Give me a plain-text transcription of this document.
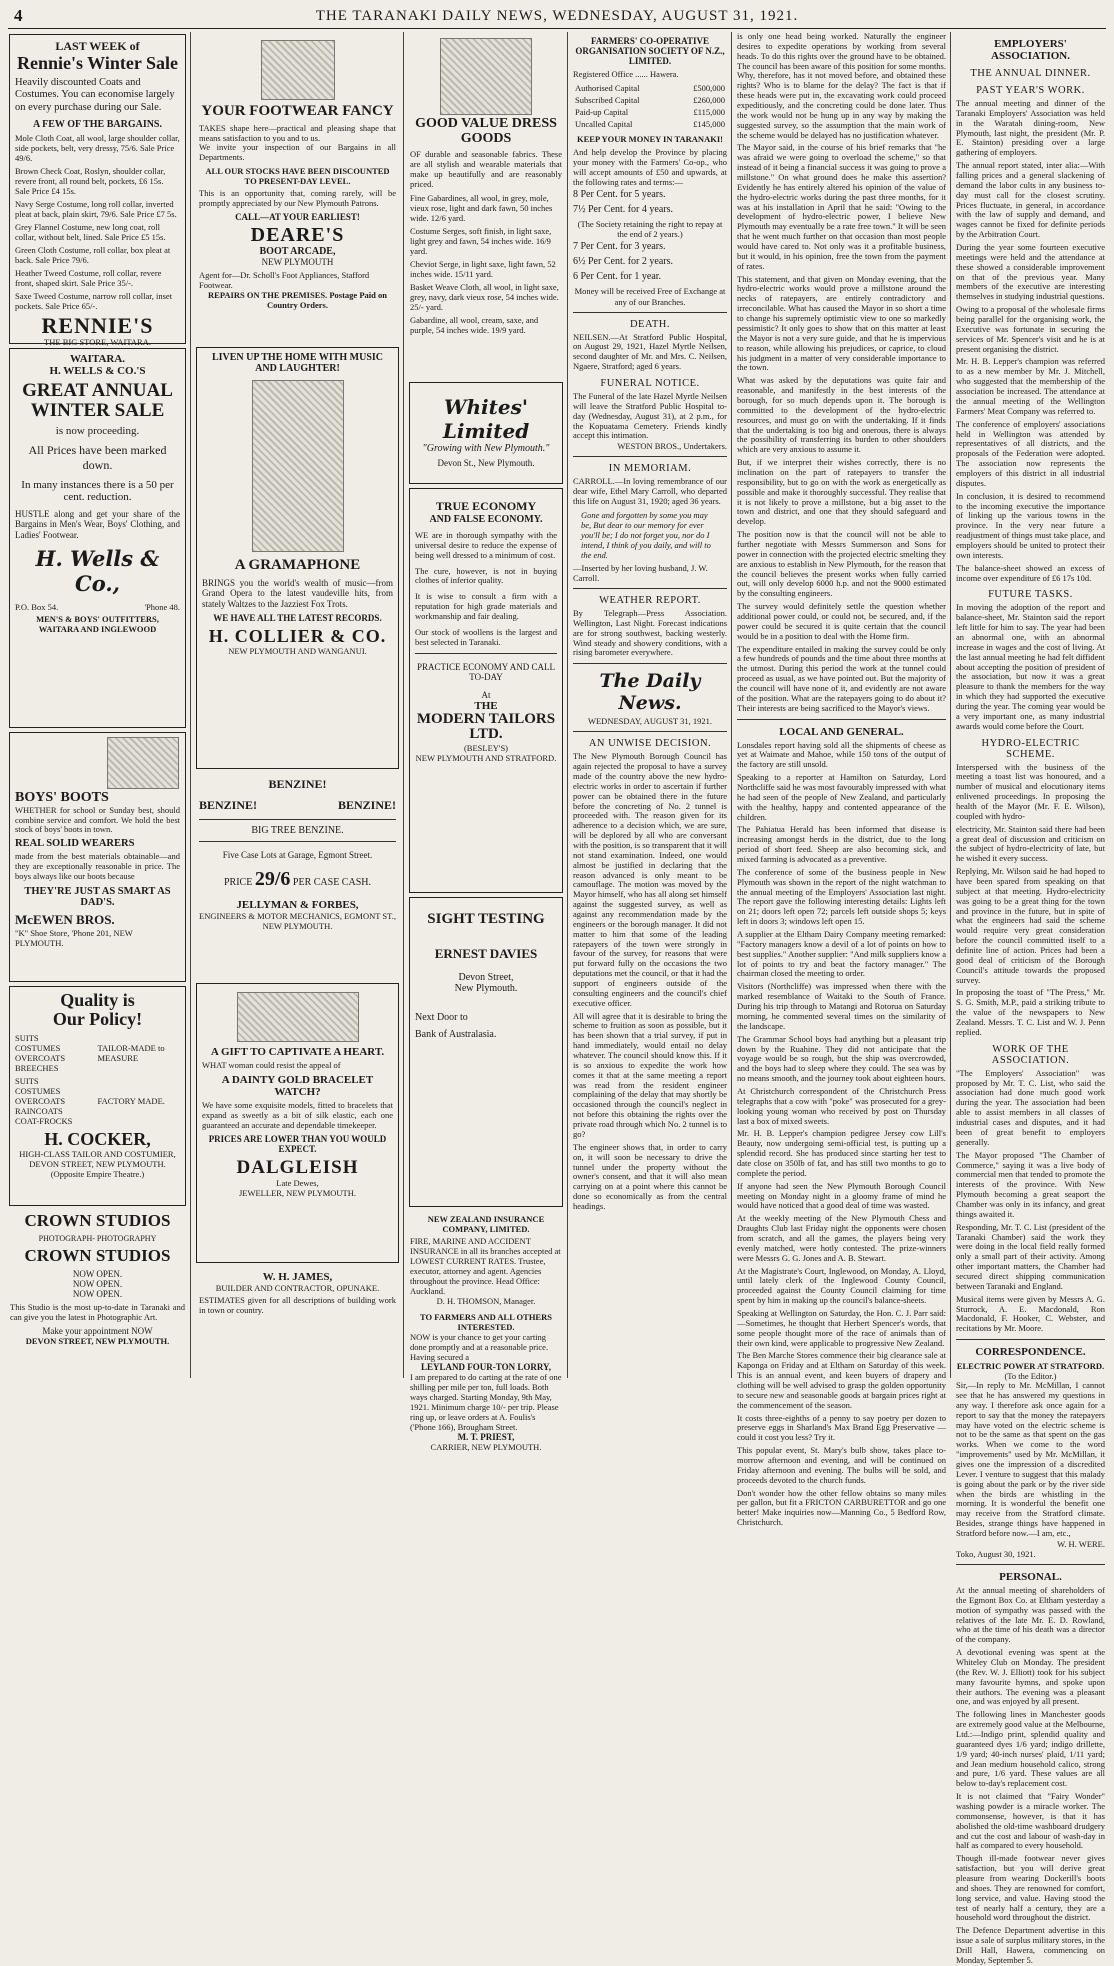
4	THE TARANAKI DAILY NEWS, WEDNESDAY, AUGUST 31, 1921.
LAST WEEK of
Rennie's Winter Sale
Heavily discounted Coats and Costumes. You can economise largely on every purchase during our Sale.
A FEW OF THE BARGAINS.

Mole Cloth Coat, all wool, large shoulder collar, side pockets, belt, very dressy, 75/6. Sale Price 49/6.

Brown Check Coat, Roslyn, shoulder collar, revere front, all round belt, pockets, £6 15s. Sale Price £4 15s.

Navy Serge Costume, long roll collar, inverted pleat at back, plain skirt, 79/6. Sale Price £7 5s.

Grey Flannel Costume, new long coat, roll collar, without belt, lined. Sale Price £5 15s.

Green Cloth Costume, roll collar, box pleat at back. Sale Price 79/6.

Heather Tweed Costume, roll collar, revere front, shaped skirt. Sale Price 35/-.

Saxe Tweed Costume, narrow roll collar, inset pockets. Sale Price 65/-.

RENNIE'S
THE BIG STORE, WAITARA.
WAITARA.
H. WELLS & CO.'S
GREAT ANNUAL WINTER SALE
is now proceeding.
All Prices have been marked down.
In many instances there is a 50 per cent. reduction.
HUSTLE along and get your share of the Bargains in Men's Wear, Boys' Clothing, and Ladies' Footwear.
H. Wells & Co.,
P.O. Box 54.	'Phone 48.
MEN'S & BOYS' OUTFITTERS, WAITARA AND INGLEWOOD
BOYS' BOOTS
WHETHER for school or Sunday best, should combine service and comfort. We hold the best stock of boys' boots in town.
REAL SOLID WEARERS
made from the best materials obtainable—and they are exceptionally reasonable in price. The boys always like our boots because
THEY'RE JUST AS SMART AS DAD'S.
McEWEN BROS.
"K" Shoe Store, 'Phone 201, NEW PLYMOUTH.
Quality is
Our Policy!
SUITS
COSTUMES
OVERCOATS
BREECHES
TAILOR-MADE to MEASURE
SUITS
COSTUMES
OVERCOATS
RAINCOATS
COAT-FROCKS
FACTORY MADE.
H. COCKER,
HIGH-CLASS TAILOR AND COSTUMIER,
DEVON STREET, NEW PLYMOUTH.
(Opposite Empire Theatre.)
CROWN STUDIOS
PHOTOGRAPH- PHOTOGRAPHY
CROWN STUDIOS
NOW OPEN.
NOW OPEN.
NOW OPEN.
This Studio is the most up-to-date in Taranaki and can give you the latest in Photographic Art.
Make your appointment NOW
DEVON STREET, NEW PLYMOUTH.
YOUR FOOTWEAR FANCY
TAKES shape here—practical and pleasing shape that means satisfaction to you and to us.
We invite your inspection of our Bargains in all Departments.
ALL OUR STOCKS HAVE BEEN DISCOUNTED TO PRESENT-DAY LEVEL.
This is an opportunity that, coming rarely, will be promptly appreciated by our New Plymouth Patrons.
CALL—AT YOUR EARLIEST!
DEARE'S
BOOT ARCADE,
NEW PLYMOUTH
Agent for—Dr. Scholl's Foot Appliances, Stafford Footwear.
REPAIRS ON THE PREMISES. Postage Paid on Country Orders.
LIVEN UP THE HOME WITH MUSIC AND LAUGHTER!
A GRAMAPHONE
BRINGS you the world's wealth of music—from Grand Opera to the latest vaudeville hits, from stately Waltzes to the Jazziest Fox Trots.
WE HAVE ALL THE LATEST RECORDS.
H. COLLIER & CO.
NEW PLYMOUTH AND WANGANUI.
BENZINE!
BENZINE!	BENZINE!
BIG TREE BENZINE.
Five Case Lots at Garage, Egmont Street.
PRICE 29/6 PER CASE CASH.
JELLYMAN & FORBES,
ENGINEERS & MOTOR MECHANICS, EGMONT ST., NEW PLYMOUTH.
A GIFT TO CAPTIVATE A HEART.
WHAT woman could resist the appeal of
A DAINTY GOLD BRACELET WATCH?
We have some exquisite models, fitted to bracelets that expand as sweetly as a bit of silk elastic, each one guaranteed an accurate and dependable timekeeper.
PRICES ARE LOWER THAN YOU WOULD EXPECT.
DALGLEISH
Late Dewes,
JEWELLER, NEW PLYMOUTH.
W. H. JAMES,
BUILDER AND CONTRACTOR, OPUNAKE.
ESTIMATES given for all descriptions of building work in town or country.
GOOD VALUE DRESS GOODS
OF durable and seasonable fabrics. These are all stylish and wearable materials that make up beautifully and are reasonably priced.

Fine Gabardines, all wool, in grey, mole, vieux rose, light and dark fawn, 50 inches wide. 12/6 yard.

Costume Serges, soft finish, in light saxe, light grey and fawn, 54 inches wide. 16/9 yard.

Cheviot Serge, in light saxe, light fawn, 52 inches wide. 15/11 yard.

Basket Weave Cloth, all wool, in light saxe, grey, navy, dark vieux rose, 54 inches wide. 25/- yard.

Gabardine, all wool, cream, saxe, and purple, 54 inches wide. 19/9 yard.

Whites' Limited
"Growing with New Plymouth."
Devon St., New Plymouth.
TRUE ECONOMY
AND FALSE ECONOMY.
WE are in thorough sympathy with the universal desire to reduce the expense of being well dressed to a minimum of cost.
The cure, however, is not in buying clothes of inferior quality.
It is wise to consult a firm with a reputation for high grade materials and workmanship and fair dealing.
Our stock of woollens is the largest and best selected in Taranaki.
PRACTICE ECONOMY AND CALL TO-DAY
At
THE
MODERN TAILORS LTD.
(BESLEY'S)
NEW PLYMOUTH AND STRATFORD.
SIGHT TESTING
ERNEST DAVIES
Devon Street,
New Plymouth.
Next Door to
Bank of Australasia.
NEW ZEALAND INSURANCE COMPANY, LIMITED.
FIRE, MARINE AND ACCIDENT INSURANCE in all its branches accepted at LOWEST CURRENT RATES. Trustee, executor, attorney and agent. Agencies throughout the province. Head Office: Auckland.
D. H. THOMSON, Manager.
TO FARMERS AND ALL OTHERS INTERESTED.
NOW is your chance to get your carting done promptly and at a reasonable price. Having secured a
LEYLAND FOUR-TON LORRY,
I am prepared to do carting at the rate of one shilling per mile per ton, full loads. Both ways charged. Starting Monday, 9th May, 1921. Minimum charge 10/- per trip. Please ring up, or leave orders at A. Foulis's ('Phone 166), Brougham Street.
M. T. PRIEST,
CARRIER, NEW PLYMOUTH.
FARMERS' CO-OPERATIVE ORGANISATION SOCIETY OF N.Z., LIMITED.
Registered Office ...... Hawera.
Authorised Capital	£500,000
Subscribed Capital	£260,000
Paid-up Capital	£115,000
Uncalled Capital	£145,000
KEEP YOUR MONEY IN TARANAKI!
And help develop the Province by placing your money with the Farmers' Co-op., who will accept amounts of £50 and upwards, at the following rates and terms:—
8 Per Cent. for 5 years.
7½ Per Cent. for 4 years.
(The Society retaining the right to repay at the end of 2 years.)
7 Per Cent. for 3 years.
6½ Per Cent. for 2 years.
6 Per Cent. for 1 year.
Money will be received Free of Exchange at any of our Branches.
DEATH.
NEILSEN.—At Stratford Public Hospital, on August 29, 1921, Hazel Myrtle Neilsen, second daughter of Mr. and Mrs. C. Neilsen, Ngaere, Stratford; aged 6 years.
FUNERAL NOTICE.
The Funeral of the late Hazel Myrtle Neilsen will leave the Stratford Public Hospital to-day (Wednesday, August 31), at 2 p.m., for the Kopuatama Cemetery. Friends kindly accept this intimation.
WESTON BROS., Undertakers.
IN MEMORIAM.
CARROLL.—In loving remembrance of our dear wife, Ethel Mary Carroll, who departed this life on August 31, 1920; aged 36 years.
Gone and forgotten by some you may be, But dear to our memory for ever you'll be; I do not forget you, nor do I intend, I think of you daily, and will to the end.
—Inserted by her loving husband, J. W. Carroll.
WEATHER REPORT.
By Telegraph—Press Association. Wellington, Last Night. Forecast indications are for strong southwest, backing westerly. Wind steady and showery conditions, with a rising barometer everywhere.
The Daily News.
WEDNESDAY, AUGUST 31, 1921.
AN UNWISE DECISION.

The New Plymouth Borough Council has again rejected the proposal to have a survey made of the country above the new hydro-electric works in order to ascertain if further power can be obtained there in the future before the concreting of No. 2 tunnel is proceeded with. The reason given for its adherence to a decision which, we are sure, will be deplored by all who are conversant with the position, is so transparent that it will not stand examination. Indeed, one would almost be justified in declaring that the reason advanced is only meant to be camouflage. The motion was moved by the Mayor himself, who has all along set himself against the suggested survey, as well as against any recommendation made by the engineers or the borough manager. It did not matter to him that some of the leading ratepayers of the town were strongly in favour of the survey, for reasons that were put forward fully on the occasions the two deputations met the council, or that it had the support of engineers outside of the consulting engineers and the council's chief executive officer.

All will agree that it is desirable to bring the scheme to fruition as soon as possible, but it has been shown that a trial survey, if put in hand immediately, would entail no delay whatever. The council should know this. If it is so anxious to expedite the work how comes it that at the same meeting a report was read from the resident engineer complaining of the delay that may shortly be occasioned through the council's neglect in not before this obtaining the rights over the private road through which No. 2 tunnel is to go?

The engineer shows that, in order to carry on, it will soon be necessary to drive the tunnel under the property without the owner's consent, and that it will also mean carrying on at a point where this cannot be done so economically as from the central headings.

is only one head being worked. Naturally the engineer desires to expedite operations by working from several heads. To do this rights over the ground have to be obtained. The council has been aware of this position for some months. Why, therefore, has it not moved before, and obtained these rights? Who is to blame for the delay? The fact is that if these heads were put in, the excavating work could proceed expeditiously, and the concreting could be done later. Thus the work would not be hung up in any way by making the suggested survey, so the assumption that the main work of the scheme would be delayed has no justification whatever.

The Mayor said, in the course of his brief remarks that "he was afraid we were going to overload the scheme," so that instead of it being a financial success it was going to prove a millstone." On what ground does he make this assertion? Evidently he has entirely altered his opinion of the value of the hydro-electric works during the past three months, for it was at his installation in April that he said: "Owing to the development of hydro-electric power, I believe New Plymouth may eventually be a rate free town." It will be seen that he went much further on that occasion than most people would have cared to. Not only was it a profitable business, but it would, in his opinion, free the town from the payment of rates.

This statement, and that given on Monday evening, that the hydro-electric works would prove a millstone around the necks of ratepayers, are entirely contradictory and irreconcilable. What has caused the Mayor in so short a time to change his supremely optimistic view to one so markedly pessimistic? It only goes to show that on this matter at least the Mayor is not a very sure guide, and that he is impervious to reason, while allowing his prejudices, or caprice, to cloud his judgment in a matter of very considerable importance to the town.

What was asked by the deputations was quite fair and reasonable, and manifestly in the best interests of the borough, for so much depends upon it. The borough is committed to the development of the hydro-electric resources, and must go on with the undertaking. If it finds that the undertaking is too big and onerous, there is always the possibility of transferring its burden to other shoulders which are very anxious to assume it.

But, if we interpret their wishes correctly, there is no inclination on the part of ratepayers to transfer the responsibility, but to go on with the work as energetically as possible and make it thoroughly successful. They realise that it is not likely to prove a millstone, but a big asset to the town and district, and one that they should safeguard and develop.

The position now is that the council will not be able to further negotiate with Messrs Summerson and Sons for power in connection with the projected electric smelting they are anxious to establish in New Plymouth, for the reason that the council believes the present works when fully carried out, will only develop 6000 h.p. and not the 9000 estimated by the consulting engineers.

The survey would definitely settle the question whether additional power could, or could not, be secured, and, if the power could be secured it is quite certain that the council would be in a position to deal with the Home firm.

The expenditure entailed in making the survey could be only a few hundreds of pounds and the time about three months at the utmost. During this period the work at the tunnel could proceed as usual, as we have pointed out. But the majority of the council will have none of it, and evidently are not aware of the position. What are the ratepayers going to do about it? Their interests are being sacrificed to the Mayor's views.

LOCAL AND GENERAL.

Lonsdales report having sold all the shipments of cheese as yet at Waimate and Mahoe, while 150 tons of the output of the factory are still unsold.

Speaking to a reporter at Hamilton on Saturday, Lord Northcliffe said he was most favourably impressed with what he had seen of the people of New Zealand, and particularly with the healthy, happy and contented appearance of the children.

The Pahiatua Herald has been informed that disease is increasing amongst herds in the district, due to the long period of short feed. Sheep are also becoming sick, and mixed farming is advocated as a preventive.

The conference of some of the business people in New Plymouth was shown in the report of the night watchman to the annual meeting of the Employers' Association last night. The report gave the following interesting details: Lights left on 21; doors left open 72; parcels left outside shops 5; keys left in doors 3; windows left open 15.

A supplier at the Eltham Dairy Company meeting remarked: "Factory managers know a devil of a lot of points on how to best supplies." Another supplier: "And milk suppliers know a lot of points to try and beat the factory manager." The chairman closed the meeting to order.

Visitors (Northcliffe) was impressed when there with the marked resemblance of Waitaki to the South of France. During his trip through to Matangi and Rotorua on Saturday morning, he commented several times on the similarity of the landscape.

The Grammar School boys had anything but a pleasant trip down by the Ruahine. They did not anticipate that the voyage would be so rough, but the ship was overcrowded, and the boys had to sleep where they could. The sea was by no means smooth, and the journey took about eighteen hours.

At Christchurch correspondent of the Christchurch Press telegraphs that a cow with "poke" was prosecuted for a grey-looking young woman who received by post on Thursday last a box of mixed sweets.

Mr. H. B. Lepper's champion pedigree Jersey cow Lill's Beauty, now undergoing semi-official test, is putting up a splendid record. She has produced since starting her test to date close on 350lb of fat, and has still two months to go to complete the period.

If anyone had seen the New Plymouth Borough Council meeting on Monday night in a gloomy frame of mind he would have noticed that a good deal of time was wasted.

At the weekly meeting of the New Plymouth Chess and Draughts Club last Friday night the opponents were chosen from scratch, and all the games, the players being very evenly matched, were hotly contested. The prize-winners were Messrs G. G. Jones and A. B. Stewart.

At the Magistrate's Court, Inglewood, on Monday, A. Lloyd, until lately clerk of the Inglewood County Council, proceeded against the County Council claiming for time spent by him in making up the council's balance-sheets.

Speaking at Wellington on Saturday, the Hon. C. J. Parr said:—Sometimes, he thought that Herbert Spencer's words, that some people thought more of the race of animals than of their own kind, were applicable to progressive New Zealand.

The Ben Marche Stores commence their big clearance sale at Kaponga on Friday and at Eltham on Saturday of this week. This is an annual event, and keen buyers of drapery and clothing will be well advised to grasp the golden opportunity to secure new and seasonable goods at bargain prices right at the commencement of the season.

It costs three-eighths of a penny to say poetry per dozen to preserve eggs in Sharland's Max Brand Egg Preservative —could it cost you less? Try it.

This popular event, St. Mary's bulb show, takes place to-morrow afternoon and evening, and will be continued on Friday afternoon and evening. The bulbs will be sold, and proceeds devoted to the church funds.

Don't wonder how the other fellow obtains so many miles per gallon, but fit a FRICTON CARBURETTOR and go one better! Make inquiries now—Manning Co., 5 Bedford Row, Christchurch.

EMPLOYERS' ASSOCIATION.
THE ANNUAL DINNER.
PAST YEAR'S WORK.

The annual meeting and dinner of the Taranaki Employers' Association was held in the Waratah dining-room, New Plymouth, last night, the president (Mr. P. E. Stainton) presiding over a large gathering of employers.

The annual report stated, inter alia:—With falling prices and a general slackening of demand the labor cults in any business to-day must call for the closest scrutiny. Prices fluctuate, in general, in accordance with the law of supply and demand, and wages cannot be fixed for definite periods by the Arbitration Court.

During the year some fourteen executive meetings were held and the attendance at these showed a considerable improvement on that of the previous year. Many members of the executive are interesting themselves in studying industrial questions.

Owing to a proposal of the wholesale firms being parallel for the organising work, the Executive was fortunate in securing the services of Mr. Spencer's visit and he is at present organising the district.

Mr. H. B. Lepper's champion was referred to as a new member by Mr. J. Mitchell, who suggested that the membership of the association be increased. The attendance at the annual meeting of the Wellington Farmers' Meat Company was referred to.

The conference of employers' associations held in Wellington was attended by representatives of all districts, and the proposals of the Federation were adopted. The association now represents the employers of this district in all industrial disputes.

In conclusion, it is desired to recommend to the incoming executive the importance of linking up the various towns in the province. In the very near future a readjustment of things must take place, and employers should be united to protect their own interests.

The balance-sheet showed an excess of income over expenditure of £6 17s 10d.

FUTURE TASKS.
In moving the adoption of the report and balance-sheet, Mr. Stainton said the report left little for him to say. The year had been an abnormal one, with an abnormal increase in wages and the cost of living. At the last annual meeting he had felt diffident about accepting the position of president of the association, but now it was a great pleasure to thank the members for the way in which they had supported the executive during the year. The coming year would be a very important one, as many industrial awards would come before the Court.
HYDRO-ELECTRIC SCHEME.
Interspersed with the business of the meeting a toast list was honoured, and a number of musical and elocutionary items enlivened proceedings. In proposing the health of the Mayor (Mr. F. E. Wilson), coupled with hydro-

electricity, Mr. Stainton said there had been a great deal of discussion and criticism on the subject of hydro-electricity of late, but he wished it every success.

Replying, Mr. Wilson said he had hoped to have been spared from speaking on that subject at that meeting. Hydro-electricity was going to be a great thing for the town and province in the future, but in spite of what the engineers had said the scheme would require very great consideration before the council committed itself to a definite line of action. Prices had been a good deal of criticism of the Borough Council's attitude towards the proposed survey.

In proposing the toast of "The Press," Mr. S. G. Smith, M.P., paid a striking tribute to the value of the newspapers to New Zealand. Messrs. T. C. List and W. J. Penn replied.

WORK OF THE ASSOCIATION.

"The Employers' Association" was proposed by Mr. T. C. List, who said the association had done much good work during the year. The association had been able to assist members in all classes of industrial cases and disputes, and it had been of great benefit to employers generally.

The Mayor proposed "The Chamber of Commerce," saying it was a live body of commercial men that tended to promote the interests of the province. With New Plymouth becoming a great seaport the Chamber was only in its infancy, and great things awaited it.

Responding, Mr. T. C. List (president of the Taranaki Chamber) said the work they were doing in the local field really formed only a small part of their activity. Among other important matters, the Chamber had secured direct shipping communication between Taranaki and England.

Musical items were given by Messrs A. G. Sturrock, A. E. Macdonald, Ron Macdonald, F. Hooker, C. Webster, and recitations by Mr. Moore.
CORRESPONDENCE.
ELECTRIC POWER AT STRATFORD.
(To the Editor.)
Sir,—In reply to Mr. McMillan, I cannot see that he has answered my questions in any way. I therefore ask once again for a report to say that the money the ratepayers may have voted on the electric scheme is not to be the same as that spent on the gas works. When we come to the word "improvements" used by Mr. McMillan, it gives one the impression of a discredited Lever. I venture to suggest that this malady is going about the park or by the river side when the birds are whistling in the morning. It is wonderful the benefit one may receive from the Stratford climate. Besides, strange things have happened in Stratford before now.—I am, etc.,
W. H. WERE.
Toko, August 30, 1921.
PERSONAL.

At the annual meeting of shareholders of the Egmont Box Co. at Eltham yesterday a motion of sympathy was passed with the relatives of the late Mr. E. D. Rowland, who at the time of his death was a director of the company.

A devotional evening was spent at the Whiteley Club on Monday. The president (the Rev. W. J. Elliott) took for his subject many favourite hymns, and spoke upon their authors. The evening was a pleasant one, and was enjoyed by all present.

The following lines in Manchester goods are extremely good value at the Melbourne, Ltd.:—Indigo print, splendid quality and guaranteed dyes 1/6 yard; indigo drillette, 1/9 yard; 40-inch nurses' plaid, 1/11 yard; and Jean medium household calico, strong and pure, 1/6 yard. These values are all below to-day's replacement cost.

It is not claimed that "Fairy Wonder" washing powder is a miracle worker. The commonsense, however, is that it has abolished the old-time washboard drudgery and cut the cost and labour of wash-day in half as compared to every household.

Though ill-made footwear never gives satisfaction, but you will derive great pleasure from wearing Dockerill's boots and shoes. They are renowned for comfort, long service, and value. Having stood the test of nearly half a century, they are a household word throughout the district.

The Defence Department advertise in this issue a sale of surplus military stores, in the Drill Hall, Hawera, commencing on Monday, September 5.
